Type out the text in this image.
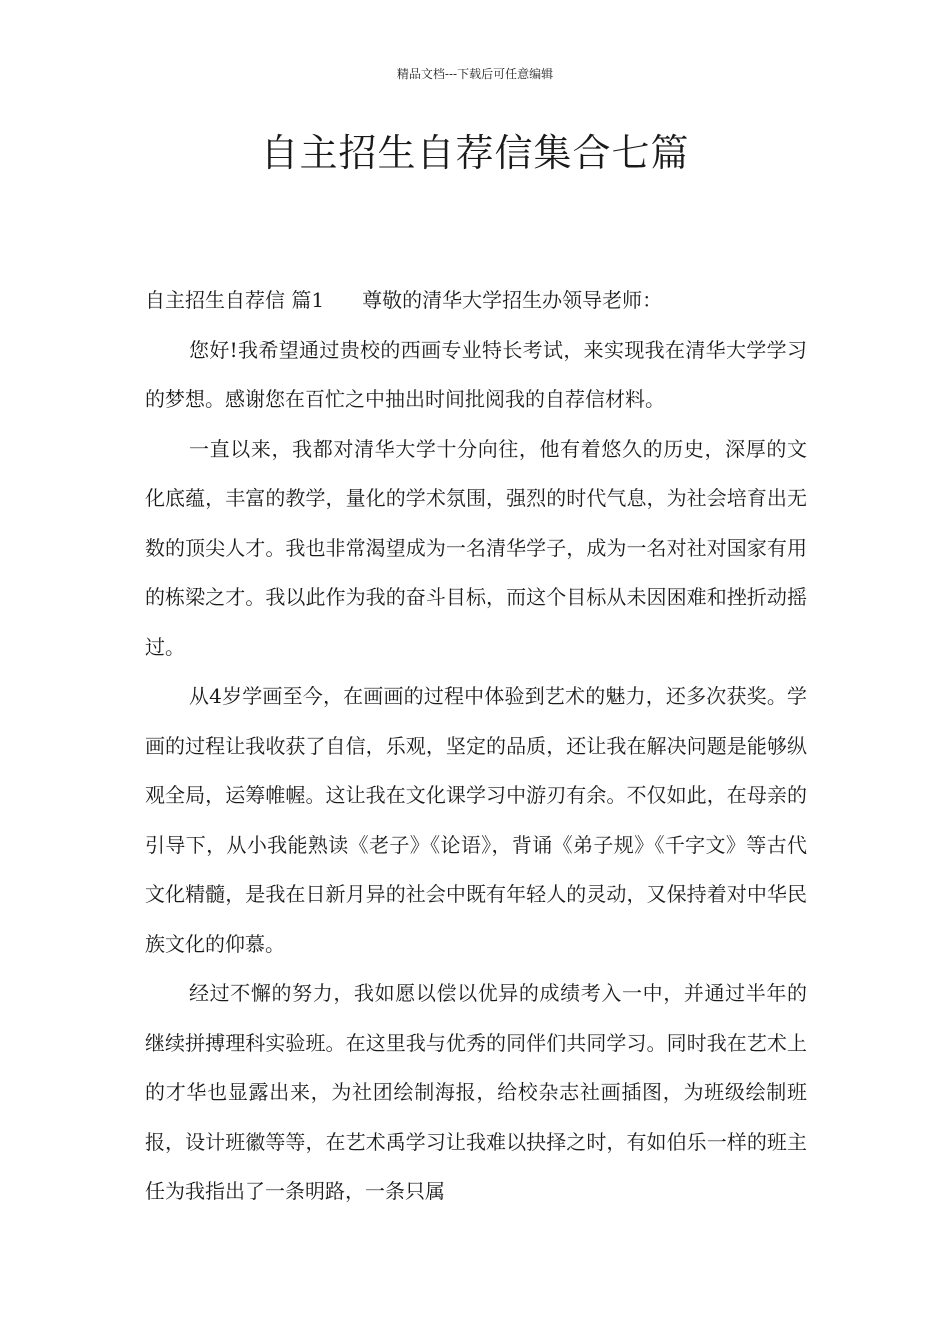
精品文档---下载后可任意编辑
自主招生自荐信集合七篇

自主招生自荐信 篇1 尊敬的清华大学招生办领导老师：

您好!我希望通过贵校的西画专业特长考试，来实现我在清华大学学习的梦想。感谢您在百忙之中抽出时间批阅我的自荐信材料。

一直以来，我都对清华大学十分向往，他有着悠久的历史，深厚的文化底蕴，丰富的教学，量化的学术氛围，强烈的时代气息，为社会培育出无数的顶尖人才。我也非常渴望成为一名清华学子，成为一名对社对国家有用的栋梁之才。我以此作为我的奋斗目标，而这个目标从未因困难和挫折动摇过。

从4岁学画至今，在画画的过程中体验到艺术的魅力，还多次获奖。学画的过程让我收获了自信，乐观，坚定的品质，还让我在解决问题是能够纵观全局，运筹帷幄。这让我在文化课学习中游刃有余。不仅如此，在母亲的引导下，从小我能熟读《老子》《论语》，背诵《弟子规》《千字文》等古代文化精髓，是我在日新月异的社会中既有年轻人的灵动，又保持着对中华民族文化的仰慕。

经过不懈的努力，我如愿以偿以优异的成绩考入一中，并通过半年的继续拼搏理科实验班。在这里我与优秀的同伴们共同学习。同时我在艺术上的才华也显露出来，为社团绘制海报，给校杂志社画插图，为班级绘制班报，设计班徽等等，在艺术禹学习让我难以抉择之时，有如伯乐一样的班主任为我指出了一条明路，一条只属
